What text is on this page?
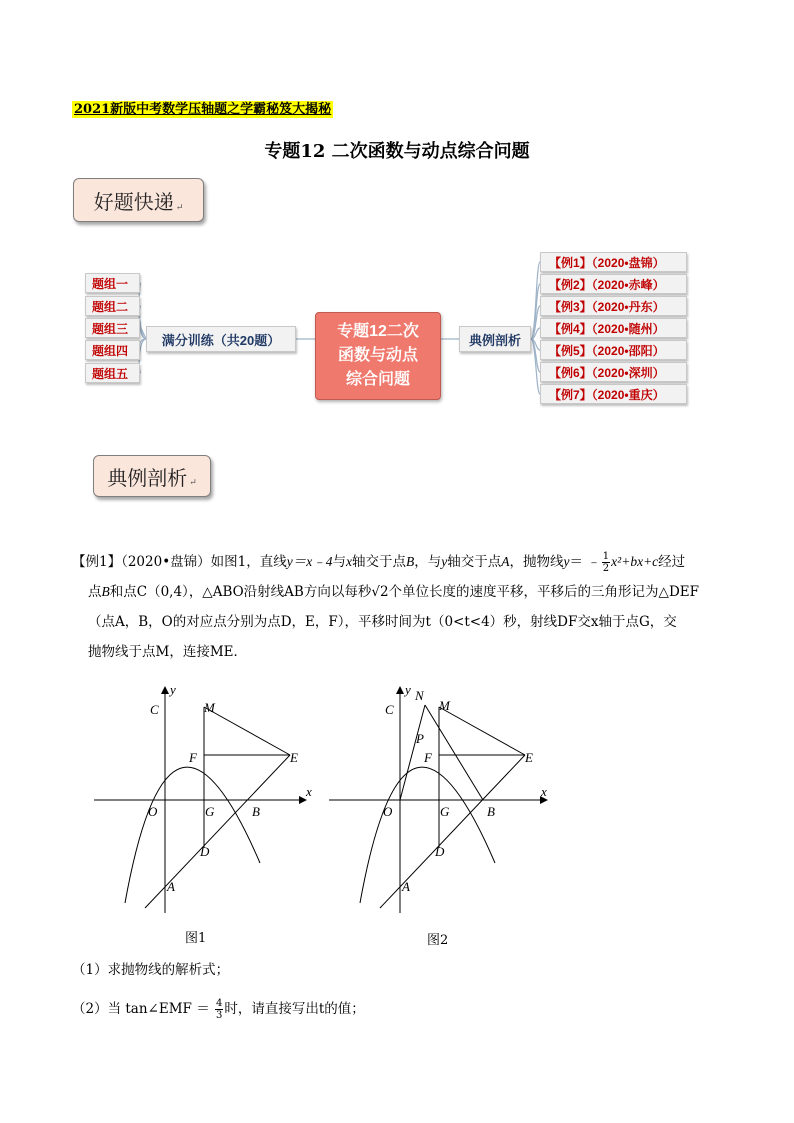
2021新版中考数学压轴题之学霸秘笈大揭秘
专题12 二次函数与动点综合问题
好题快递 ↵
专题12二次
函数与动点
综合问题
满分训练（共20题）	典例剖析
题组一
题组二
题组三
题组四
题组五
【例1】（2020•盘锦）
【例2】（2020•赤峰）
【例3】（2020•丹东）
【例4】（2020•随州）
【例5】（2020•邵阳）
【例6】（2020•深圳）
【例7】（2020•重庆）
典例剖析 ↵
【例1】（2020•盘锦）如图1，直线y＝x﹣4与x轴交于点B，与y轴交于点A，抛物线y＝ ﹣ $\frac{1}{2} x^2+bx+c$经过
点B和点C（0,4），△ABO沿射线AB方向以每秒√2个单位长度的速度平移，平移后的三角形记为△DEF
（点A，B，O的对应点分别为点D，E，F），平移时间为t（0<t<4）秒，射线DF交x轴于点G，交
抛物线于点M，连接ME．
y
x
C	M
F	E
O	G	B
D
A
图1
y
x
N
M
C
P
F	E
O	G	B
D
A
图2
（1）求抛物线的解析式；
（2）当 tan∠EMF ＝ $\frac{4}{3}$ 时，请直接写出t的值；
